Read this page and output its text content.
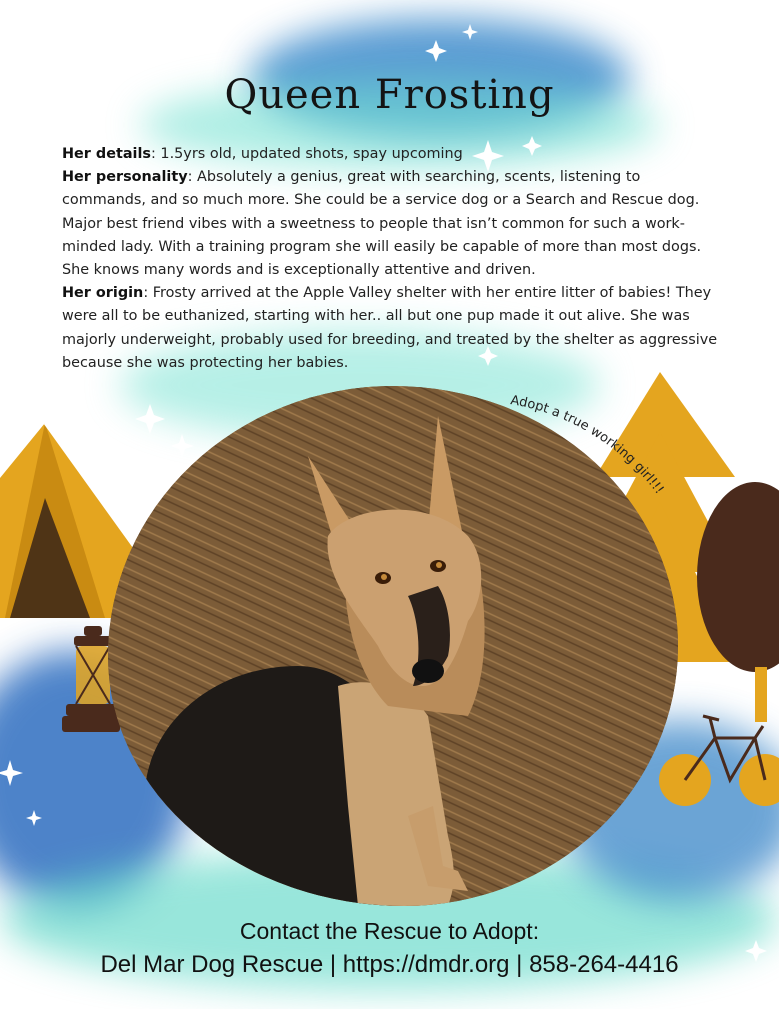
Queen Frosting
Her details: 1.5yrs old, updated shots, spay upcoming
Her personality: Absolutely a genius, great with searching, scents, listening to commands, and so much more. She could be a service dog or a Search and Rescue dog. Major best friend vibes with a sweetness to people that isn’t common for such a work-minded lady. With a training program she will easily be capable of more than most dogs. She knows many words and is exceptionally attentive and driven.
Her origin: Frosty arrived at the Apple Valley shelter with her entire litter of babies! They were all to be euthanized, starting with her.. all but one pup made it out alive. She was majorly underweight, probably used for breeding, and treated by the shelter as aggressive because she was protecting her babies.
Adopt a true working girl!!!
Contact the Rescue to Adopt:
Del Mar Dog Rescue | https://dmdr.org | 858-264-4416
